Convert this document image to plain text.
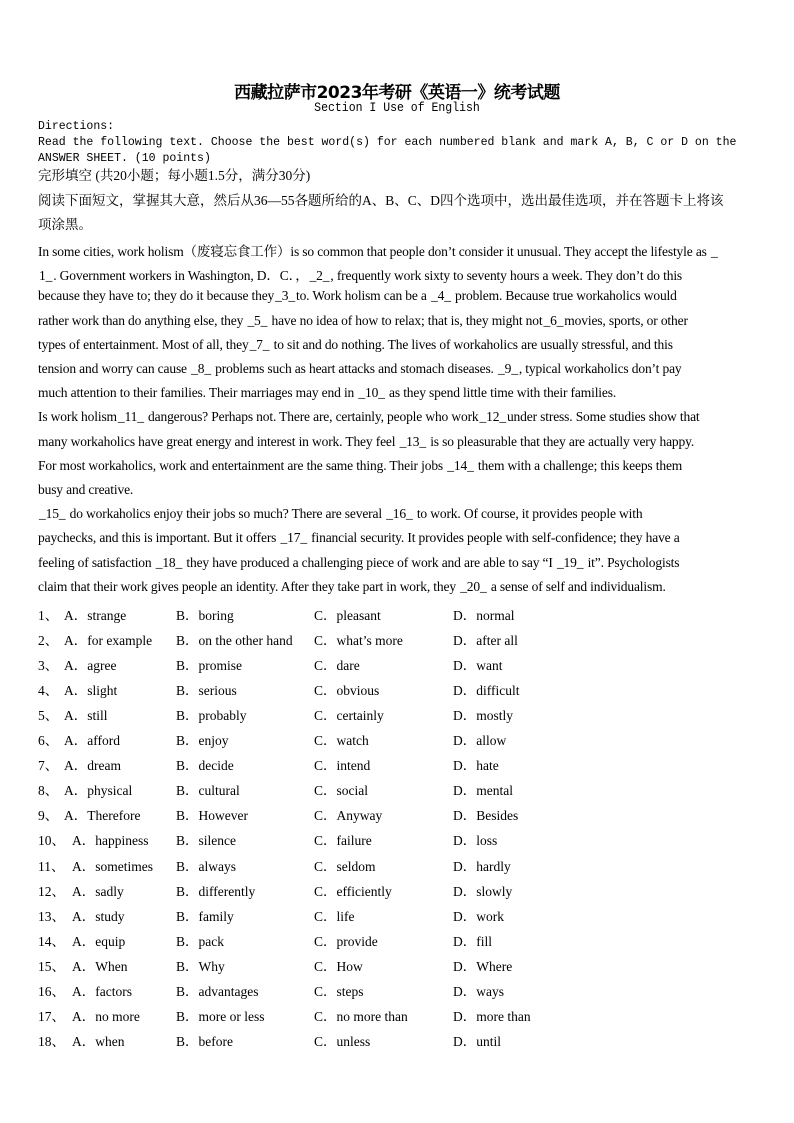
西藏拉萨市2023年考研《英语一》统考试题
Section I Use of English
Directions:
Read the following text. Choose the best word(s) for each numbered blank and mark A, B, C or D on the
ANSWER SHEET. (10 points)
完形填空 (共20小题；每小题1.5分，满分30分)
阅读下面短文，掌握其大意，然后从36—55各题所给的A、B、C、D四个选项中，选出最佳选项，并在答题卡上将该
项涂黑。
In some cities, work holism（废寝忘食工作）is so common that people don’t consider it unusual. They accept the lifestyle as _
1_. Government workers in Washington, D．C．，_2_, frequently work sixty to seventy hours a week. They don’t do this
because they have to; they do it because they_3_to. Work holism can be a _4_ problem. Because true workaholics would
rather work than do anything else, they _5_ have no idea of how to relax; that is, they might not_6_movies, sports, or other
types of entertainment. Most of all, they_7_ to sit and do nothing. The lives of workaholics are usually stressful, and this
tension and worry can cause _8_ problems such as heart attacks and stomach diseases. _9_, typical workaholics don’t pay
much attention to their families. Their marriages may end in _10_ as they spend little time with their families.
Is work holism_11_ dangerous? Perhaps not. There are, certainly, people who work_12_under stress. Some studies show that
many workaholics have great energy and interest in work. They feel _13_ is so pleasurable that they are actually very happy.
For most workaholics, work and entertainment are the same thing. Their jobs _14_ them with a challenge; this keeps them
busy and creative.
_15_ do workaholics enjoy their jobs so much? There are several _16_ to work. Of course, it provides people with
paychecks, and this is important. But it offers _17_ financial security. It provides people with self-confidence; they have a
feeling of satisfaction _18_ they have produced a challenging piece of work and are able to say “I _19_ it”. Psychologists
claim that their work gives people an identity. After they take part in work, they _20_ a sense of self and individualism.
1、 A．strange	B．boring	C．pleasant	D．normal
2、 A．for example B．on the other hand C．what’s more	D．after all
3、 A．agree	B．promise	C．dare	D．want
4、 A．slight	B．serious	C．obvious	D．difficult
5、 A．still	B．probably	C．certainly	D．mostly
6、 A．afford	B．enjoy	C．watch	D．allow
7、 A．dream	B．decide	C．intend	D．hate
8、 A．physical	B．cultural	C．social	D．mental
9、 A．Therefore	B．However	C．Anyway	D．Besides
10、 A．happiness B．silence	C．failure	D．loss
11、 A．sometimes B．always	C．seldom	D．hardly
12、 A．sadly	B．differently	C．efficiently	D．slowly
13、 A．study	B．family	C．life	D．work
14、 A．equip	B．pack	C．provide	D．fill
15、 A．When	B．Why	C．How	D．Where
16、 A．factors	B．advantages	C．steps	D．ways
17、 A．no more	B．more or less	C．no more than	D．more than
18、 A．when	B．before	C．unless	D．until
